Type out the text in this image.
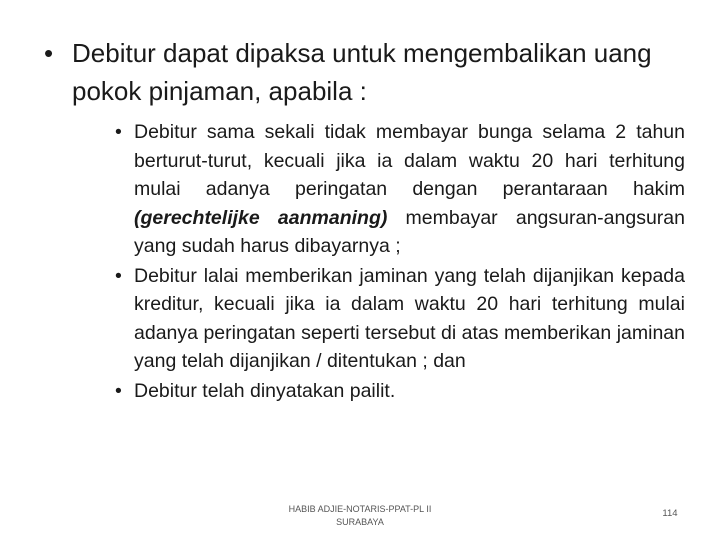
• Debitur dapat dipaksa untuk mengembalikan uang pokok pinjaman, apabila :
• Debitur sama sekali tidak membayar bunga selama 2 tahun berturut-turut, kecuali jika ia dalam waktu 20 hari terhitung mulai adanya peringatan dengan perantaraan hakim (gerechtelijke aanmaning) membayar angsuran-angsuran yang sudah harus dibayarnya ;
• Debitur lalai memberikan jaminan yang telah dijanjikan kepada kreditur, kecuali jika ia dalam waktu 20 hari terhitung mulai adanya peringatan seperti tersebut di atas memberikan jaminan yang telah dijanjikan / ditentukan ; dan
• Debitur telah dinyatakan pailit.
HABIB ADJIE-NOTARIS-PPAT-PL II
SURABAYA
114
